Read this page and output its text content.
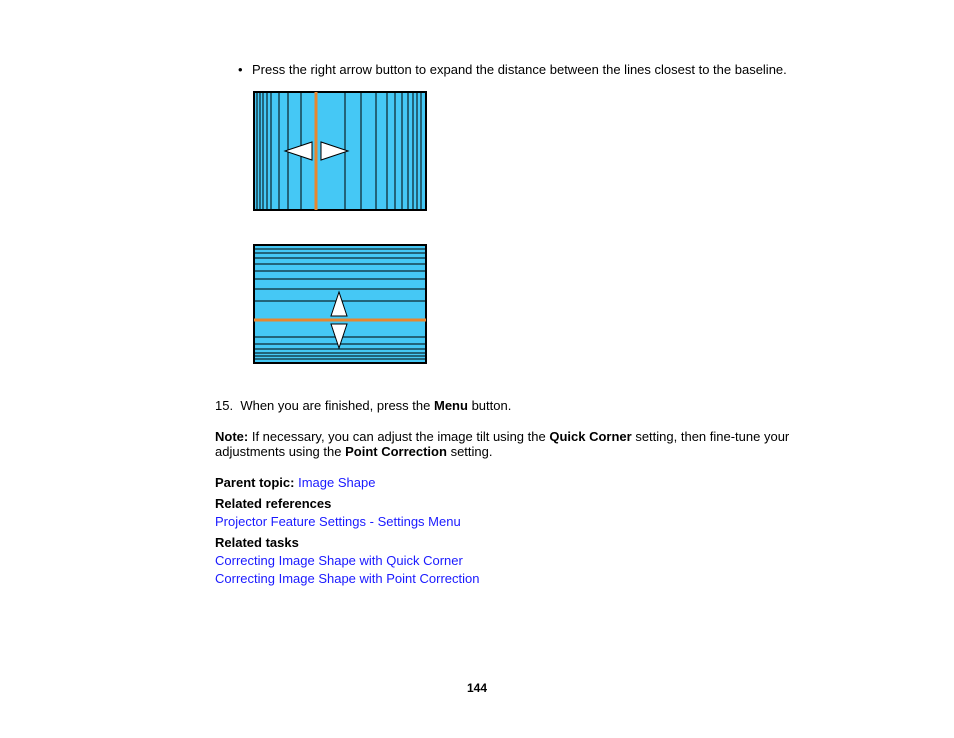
• Press the right arrow button to expand the distance between the lines closest to the baseline.
15. When you are finished, press the Menu button.
Note: If necessary, you can adjust the image tilt using the Quick Corner setting, then fine-tune your adjustments using the Point Correction setting.
Parent topic: Image Shape
Related references
Projector Feature Settings - Settings Menu
Related tasks
Correcting Image Shape with Quick Corner
Correcting Image Shape with Point Correction
144
